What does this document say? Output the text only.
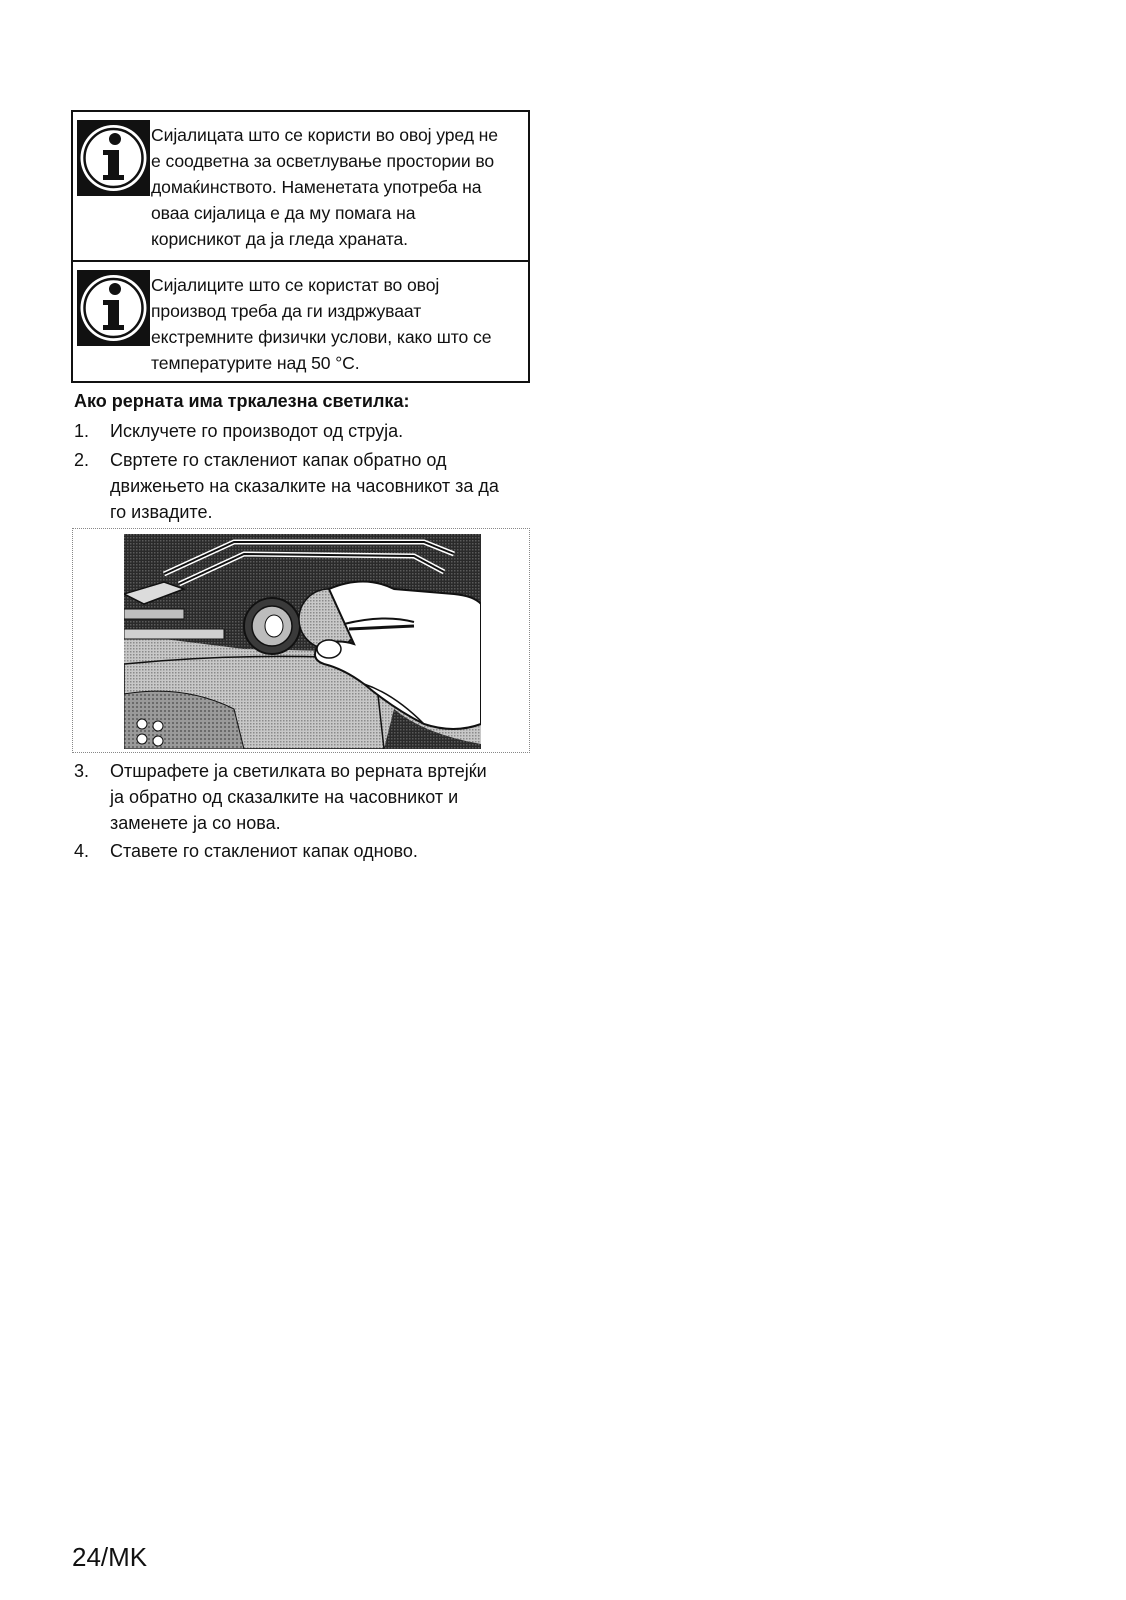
Сијалицата што се користи во овој уред не
е соодветна за осветлување простории во
домаќинството. Наменетата употреба на
оваа сијалица е да му помага на
корисникот да ја гледа храната.
Сијалиците што се користат во овој
производ треба да ги издржуваат
екстремните физички услови, како што се
температурите над 50 °C.
Ако рерната има тркалезна светилка:
1.	Исклучете го производот од струја.
2.	Свртете го стаклениот капак обратно од
движењето на сказалките на часовникот за да
го извадите.
3.	Отшрафете ја светилката во рерната вртејќи
ја обратно од сказалките на часовникот и
заменете ја со нова.
4.	Ставете го стаклениот капак одново.
24/MK
